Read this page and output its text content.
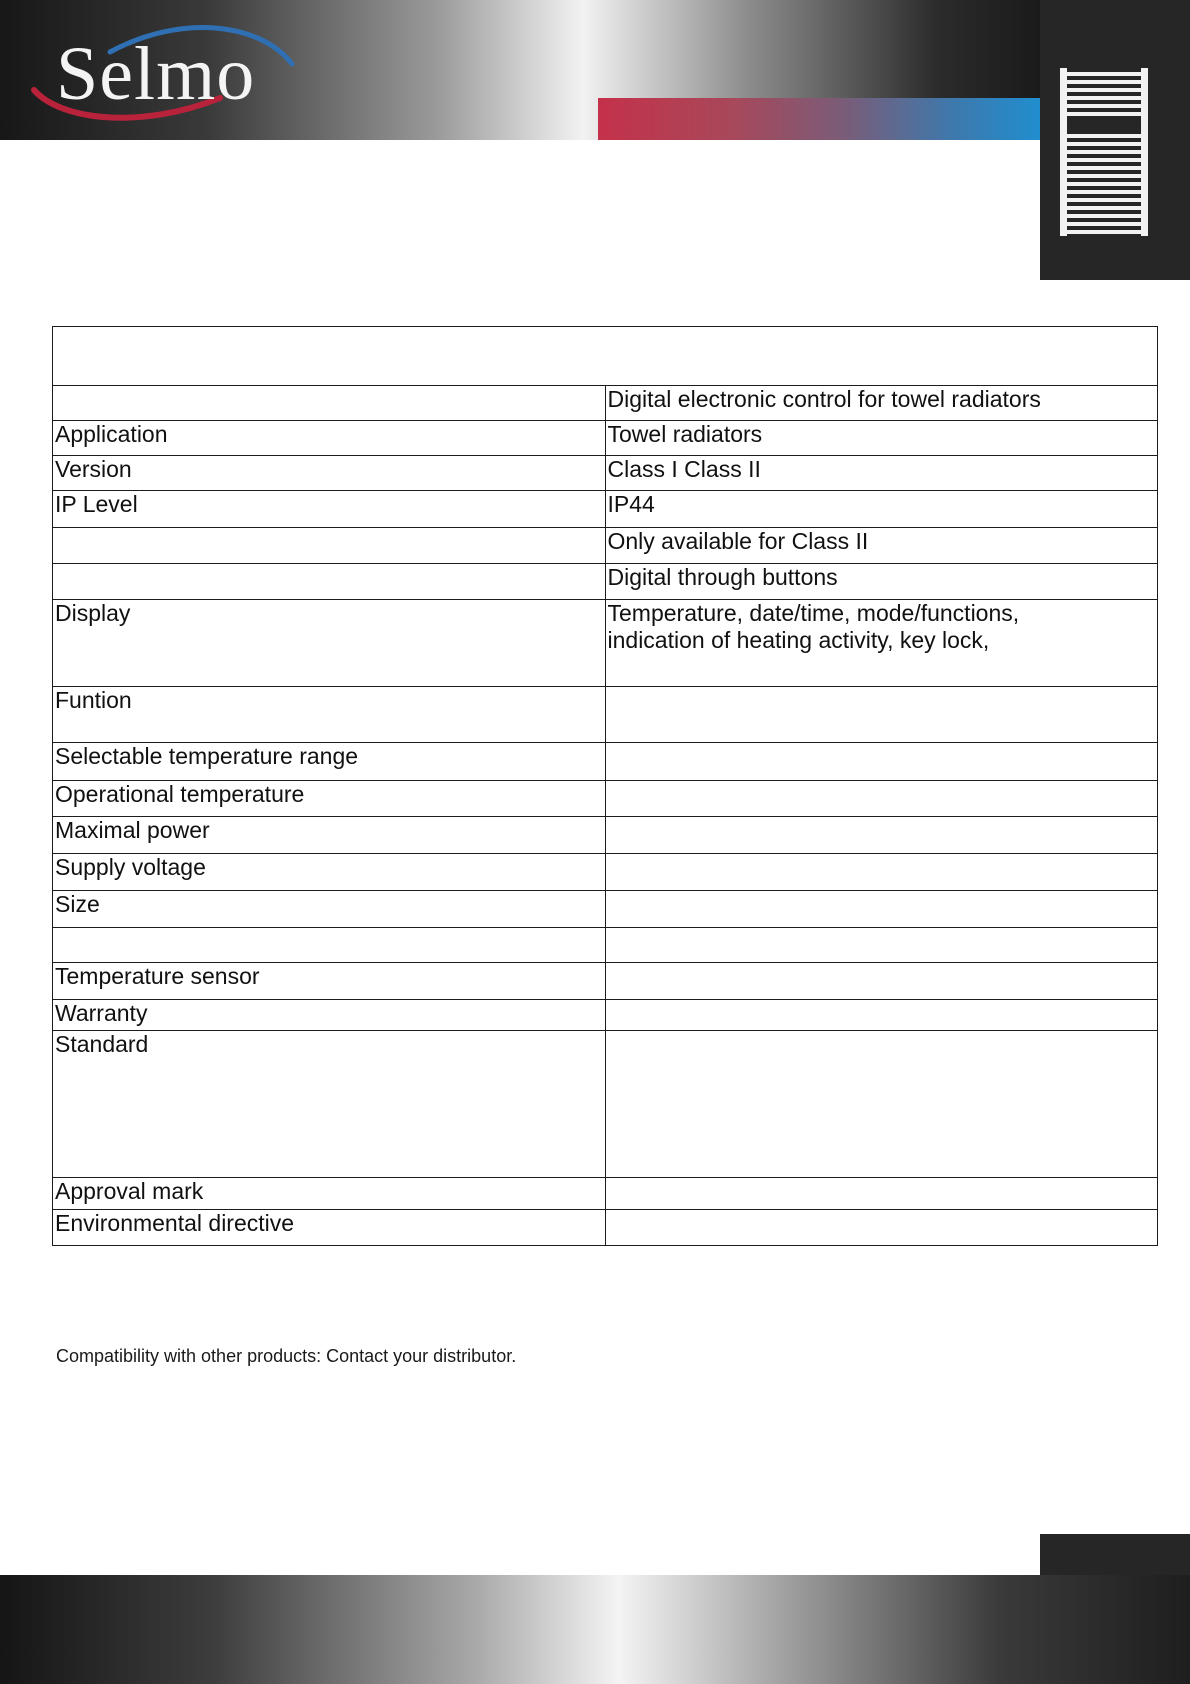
Selmo

	Digital electronic control for towel radiators
Application	Towel radiators
Version	Class I Class II
IP Level	IP44
	Only available for Class II
	Digital through buttons
Display	Temperature, date/time, mode/functions,
indication of heating activity, key lock,
Funtion	
Selectable temperature range	
Operational temperature	
Maximal power	
Supply voltage	
Size	

Temperature sensor	
Warranty	
Standard	
Approval mark	
Environmental directive	
Compatibility with other products: Contact your distributor.
